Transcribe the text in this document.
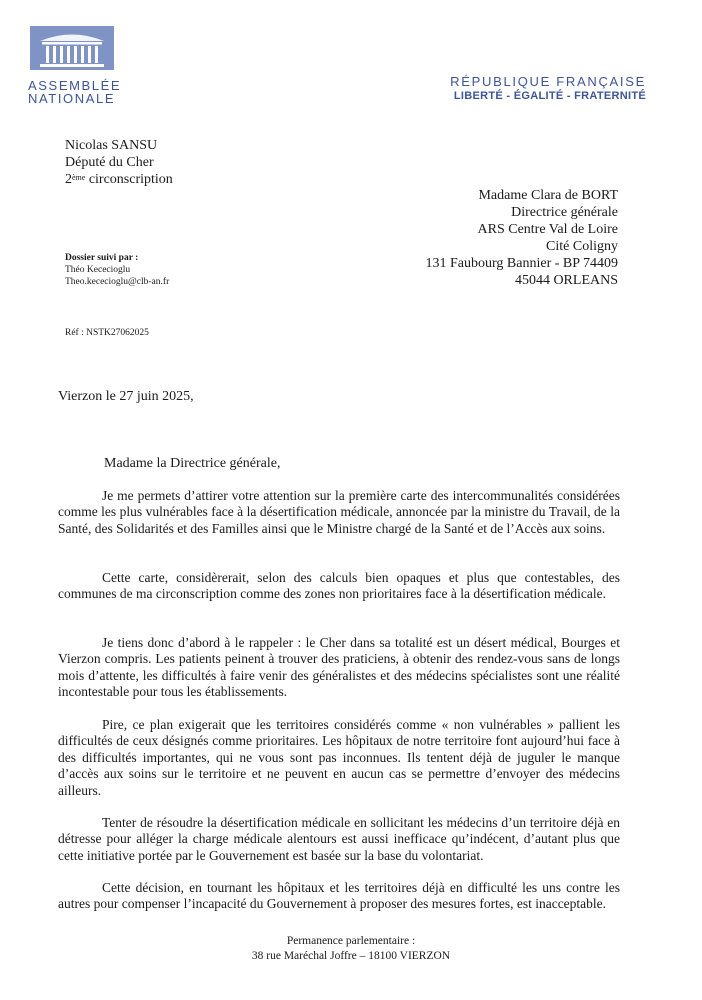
ASSEMBLÉE
NATIONALE
RÉPUBLIQUE FRANÇAISE
LIBERTÉ - ÉGALITÉ - FRATERNITÉ
Nicolas SANSU
Député du Cher
2ème circonscription
Madame Clara de BORT
Directrice générale
ARS Centre Val de Loire
Cité Coligny
131 Faubourg Bannier - BP 74409
45044 ORLEANS
Dossier suivi par :
Théo Kececioglu
Theo.kececioglu@clb-an.fr
Réf : NSTK27062025
Vierzon le 27 juin 2025,
Madame la Directrice générale,

Je me permets d’attirer votre attention sur la première carte des intercommunalités considérées comme les plus vulnérables face à la désertification médicale, annoncée par la ministre du Travail, de la Santé, des Solidarités et des Familles ainsi que le Ministre chargé de la Santé et de l’Accès aux soins.

Cette carte, considèrerait, selon des calculs bien opaques et plus que contestables, des communes de ma circonscription comme des zones non prioritaires face à la désertification médicale.

Je tiens donc d’abord à le rappeler : le Cher dans sa totalité est un désert médical, Bourges et Vierzon compris. Les patients peinent à trouver des praticiens, à obtenir des rendez-vous sans de longs mois d’attente, les difficultés à faire venir des généralistes et des médecins spécialistes sont une réalité incontestable pour tous les établissements.

Pire, ce plan exigerait que les territoires considérés comme « non vulnérables » pallient les difficultés de ceux désignés comme prioritaires. Les hôpitaux de notre territoire font aujourd’hui face à des difficultés importantes, qui ne vous sont pas inconnues. Ils tentent déjà de juguler le manque d’accès aux soins sur le territoire et ne peuvent en aucun cas se permettre d’envoyer des médecins ailleurs.

Tenter de résoudre la désertification médicale en sollicitant les médecins d’un territoire déjà en détresse pour alléger la charge médicale alentours est aussi inefficace qu’indécent, d’autant plus que cette initiative portée par le Gouvernement est basée sur la base du volontariat.

Cette décision, en tournant les hôpitaux et les territoires déjà en difficulté les uns contre les autres pour compenser l’incapacité du Gouvernement à proposer des mesures fortes, est inacceptable.

Permanence parlementaire :
38 rue Maréchal Joffre – 18100 VIERZON
